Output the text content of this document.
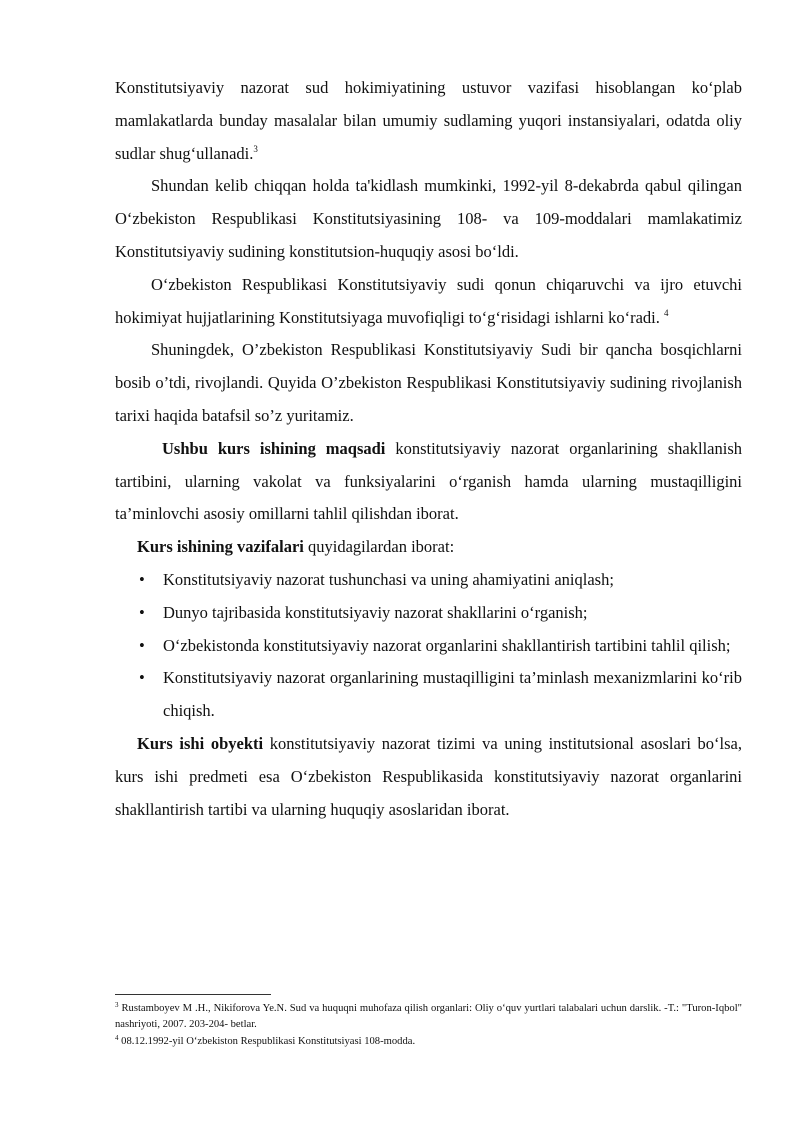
Konstitutsiyaviy nazorat sud hokimiyatining ustuvor vazifasi hisoblangan ko‘plab mamlakatlarda bunday masalalar bilan umumiy sudlaming yuqori instansiyalari, odatda oliy sudlar shug‘ullanadi.$^3$

Shundan kelib chiqqan holda ta'kidlash mumkinki, 1992-yil 8-dekabrda qabul qilingan O‘zbekiston Respublikasi Konstitutsiyasining 108- va 109-moddalari mamlakatimiz Konstitutsiyaviy sudining konstitutsion-huquqiy asosi bo‘ldi.

O‘zbekiston Respublikasi Konstitutsiyaviy sudi qonun chiqaruvchi va ijro etuvchi hokimiyat hujjatlarining Konstitutsiyaga muvofiqligi to‘g‘risidagi ishlarni ko‘radi. $^4$

Shuningdek, O’zbekiston Respublikasi Konstitutsiyaviy Sudi bir qancha bosqichlarni bosib o’tdi, rivojlandi. Quyida O’zbekiston Respublikasi Konstitutsiyaviy sudining rivojlanish tarixi haqida batafsil so’z yuritamiz.

Ushbu kurs ishining maqsadi konstitutsiyaviy nazorat organlarining shakllanish tartibini, ularning vakolat va funksiyalarini o‘rganish hamda ularning mustaqilligini ta’minlovchi asosiy omillarni tahlil qilishdan iborat.

Kurs ishining vazifalari quyidagilardan iborat:

• Konstitutsiyaviy nazorat tushunchasi va uning ahamiyatini aniqlash;
• Dunyo tajribasida konstitutsiyaviy nazorat shakllarini o‘rganish;
• O‘zbekistonda konstitutsiyaviy nazorat organlarini shakllantirish tartibini tahlil qilish;
• Konstitutsiyaviy nazorat organlarining mustaqilligini ta’minlash mexanizmlarini ko‘rib chiqish.

Kurs ishi obyekti konstitutsiyaviy nazorat tizimi va uning institutsional asoslari bo‘lsa, kurs ishi predmeti esa O‘zbekiston Respublikasida konstitutsiyaviy nazorat organlarini shakllantirish tartibi va ularning huquqiy asoslaridan iborat.

$^3$ Rustamboyev M .H., Nikiforova Ye.N. Sud va huquqni muhofaza qilish organlari: Oliy o‘quv yurtlari talabalari uchun darslik. -T.: "Turon-Iqbol" nashriyoti, 2007. 203-204- betlar.

$^4$ 08.12.1992-yil O‘zbekiston Respublikasi Konstitutsiyasi 108-modda.
